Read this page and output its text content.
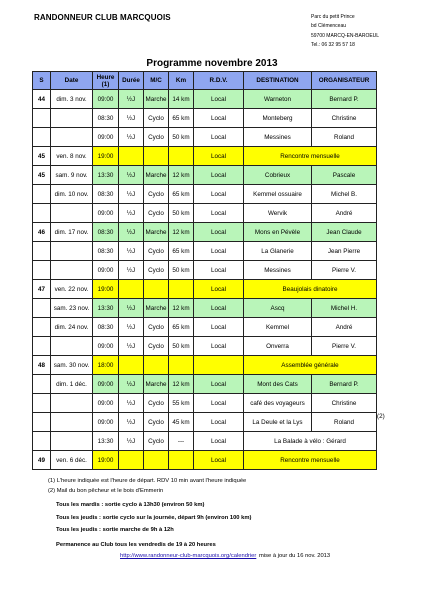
RANDONNEUR CLUB MARCQUOIS	Parc du petit Prince
bd Clémenceau
59700 MARCQ-EN-BAROEUL
Tel.: 06 32 95 57 18
Programme novembre 2013
S	Date	Heure (1)	Durée	M/C	Km	R.D.V.	DESTINATION	ORGANISATEUR
44	dim. 3 nov.	09:00	½J	Marche	14 km	Local	Warneton	Bernard P.
		08:30	½J	Cyclo	65 km	Local	Monteberg	Christine
		09:00	½J	Cyclo	50 km	Local	Messines	Roland
45	ven. 8 nov.	19:00				Local	Rencontre mensuelle	
45	sam. 9 nov.	13:30	½J	Marche	12 km	Local	Cobrieux	Pascale
	dim. 10 nov.	08:30	½J	Cyclo	65 km	Local	Kemmel ossuaire	Michel B.
		09:00	½J	Cyclo	50 km	Local	Wervik	André
46	dim. 17 nov.	08:30	½J	Marche	12 km	Local	Mons en Pévèle	Jean Claude
		08:30	½J	Cyclo	65 km	Local	La Glanerie	Jean Pierre
		09:00	½J	Cyclo	50 km	Local	Messines	Pierre V.
47	ven. 22 nov.	19:00				Local	Beaujolais dinatoire	
	sam. 23 nov.	13:30	½J	Marche	12 km	Local	Ascq	Michel H.
	dim. 24 nov.	08:30	½J	Cyclo	65 km	Local	Kemmel	André
		09:00	½J	Cyclo	50 km	Local	Onverra	Pierre V.
48	sam. 30 nov.	18:00					Assemblée générale	
	dim. 1 déc.	09:00	½J	Marche	12 km	Local	Mont des Cats	Bernard P.
		09:00	½J	Cyclo	55 km	Local	café des voyageurs	Christine
		09:00	½J	Cyclo	45 km	Local	La Deule et la Lys	Roland
		13:30	½J	Cyclo	---	Local	La Balade à vélo : Gérard	
49	ven. 6 déc.	19:00				Local	Rencontre mensuelle	
(2)
(1) L'heure indiquée est l'heure de départ. RDV 10 min avant l'heure indiquée
(2) Mail du bon pêcheur et le bois d'Emmerin
Tous les mardis : sortie cyclo à 13h30 (environ 50 km)
Tous les jeudis : sortie cyclo sur la journée, départ 9h (environ 100 km)
Tous les jeudis : sortie marche de 9h à 12h
Permanence au Club tous les vendredis de 19 à 20 heures
http://www.randonneur-club-marcquois.org/calendrier mise à jour du 16 nov. 2013
